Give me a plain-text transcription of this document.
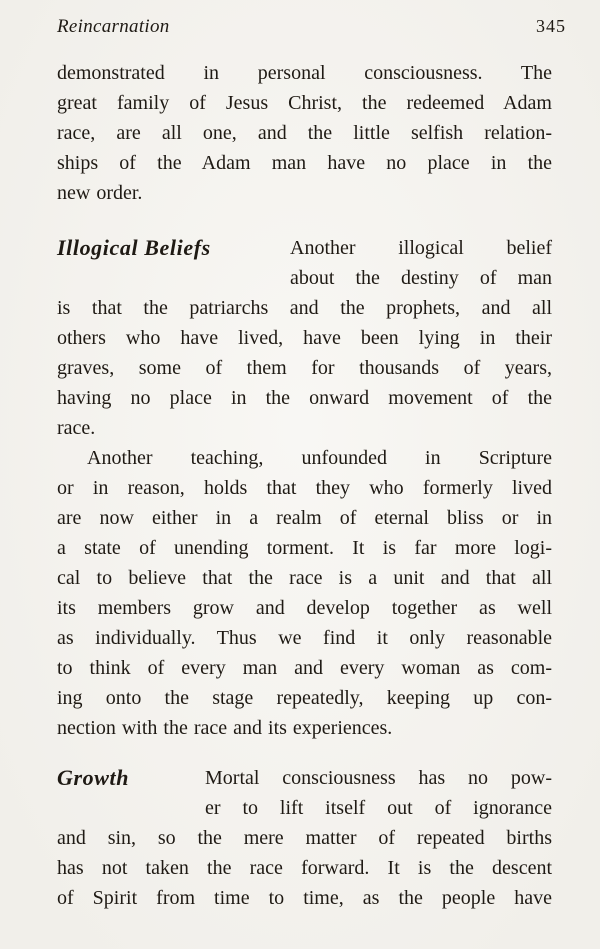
Reincarnation	345
demonstrated in personal consciousness. The
great family of Jesus Christ, the redeemed Adam
race, are all one, and the little selfish relation-
ships of the Adam man have no place in the
new order.
Illogical Beliefs	Another illogical belief
about the destiny of man
is that the patriarchs and the prophets, and all
others who have lived, have been lying in their
graves, some of them for thousands of years,
having no place in the onward movement of the
race.
Another teaching, unfounded in Scripture
or in reason, holds that they who formerly lived
are now either in a realm of eternal bliss or in
a state of unending torment. It is far more logi-
cal to believe that the race is a unit and that all
its members grow and develop together as well
as individually. Thus we find it only reasonable
to think of every man and every woman as com-
ing onto the stage repeatedly, keeping up con-
nection with the race and its experiences.
Growth	Mortal consciousness has no pow-
er to lift itself out of ignorance
and sin, so the mere matter of repeated births
has not taken the race forward. It is the descent
of Spirit from time to time, as the people have
